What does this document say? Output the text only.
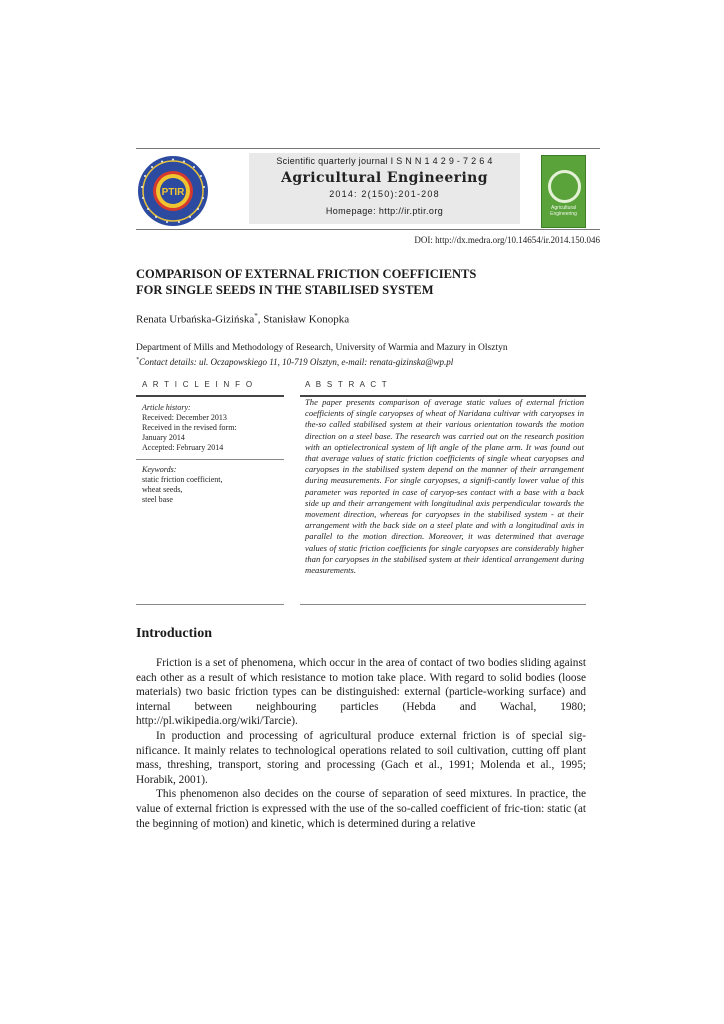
PTIR
Scientific quarterly journal I S N N 1 4 2 9 - 7 2 6 4
Agricultural Engineering
2014: 2(150):201-208
Homepage: http://ir.ptir.org	Agricultural Engineering
DOI: http://dx.medra.org/10.14654/ir.2014.150.046
COMPARISON OF EXTERNAL FRICTION COEFFICIENTS
FOR SINGLE SEEDS IN THE STABILISED SYSTEM
Renata Urbańska-Gizińska*, Stanisław Konopka
Department of Mills and Methodology of Research, University of Warmia and Mazury in Olsztyn
*Contact details: ul. Oczapowskiego 11, 10-719 Olsztyn, e-mail: renata-gizinska@wp.pl
A R T I C L E I N F O	A B S T R A C T
Article history:
Received: December 2013
Received in the revised form:
January 2014
Accepted: February 2014
Keywords:
static friction coefficient,
wheat seeds,
steel base
The paper presents comparison of average static values of external friction coefficients of single caryopses of wheat of Naridana cultivar with caryopses in the-so called stabilised system at their various orientation towards the motion direction on a steel base. The research was carried out on the research position with an optielectronical system of lift angle of the plane arm. It was found out that average values of static friction coefficients of single wheat caryopses and caryopses in the stabilised system depend on the manner of their arrangement during measurements. For single caryopses, a signifi-cantly lower value of this parameter was reported in case of caryop-ses contact with a base with a back side up and their arrangement with longitudinal axis perpendicular towards the movement direction, whereas for caryopses in the stabilised system - at their arrangement with the back side on a steel plate and with a longitudinal axis in parallel to the motion direction. Moreover, it was determined that average values of static friction coefficients for single caryopses are considerably higher than for caryopses in the stabilised system at their identical arrangement during measurements.
Introduction

Friction is a set of phenomena, which occur in the area of contact of two bodies sliding against each other as a result of which resistance to motion take place. With regard to solid bodies (loose materials) two basic friction types can be distinguished: external (particle-working surface) and internal between neighbouring particles (Hebda and Wachal, 1980; http://pl.wikipedia.org/wiki/Tarcie).

In production and processing of agricultural produce external friction is of special sig-nificance. It mainly relates to technological operations related to soil cultivation, cutting off plant mass, threshing, transport, storing and processing (Gach et al., 1991; Molenda et al., 1995; Horabik, 2001).

This phenomenon also decides on the course of separation of seed mixtures. In practice, the value of external friction is expressed with the use of the so-called coefficient of fric-tion: static (at the beginning of motion) and kinetic, which is determined during a relative
